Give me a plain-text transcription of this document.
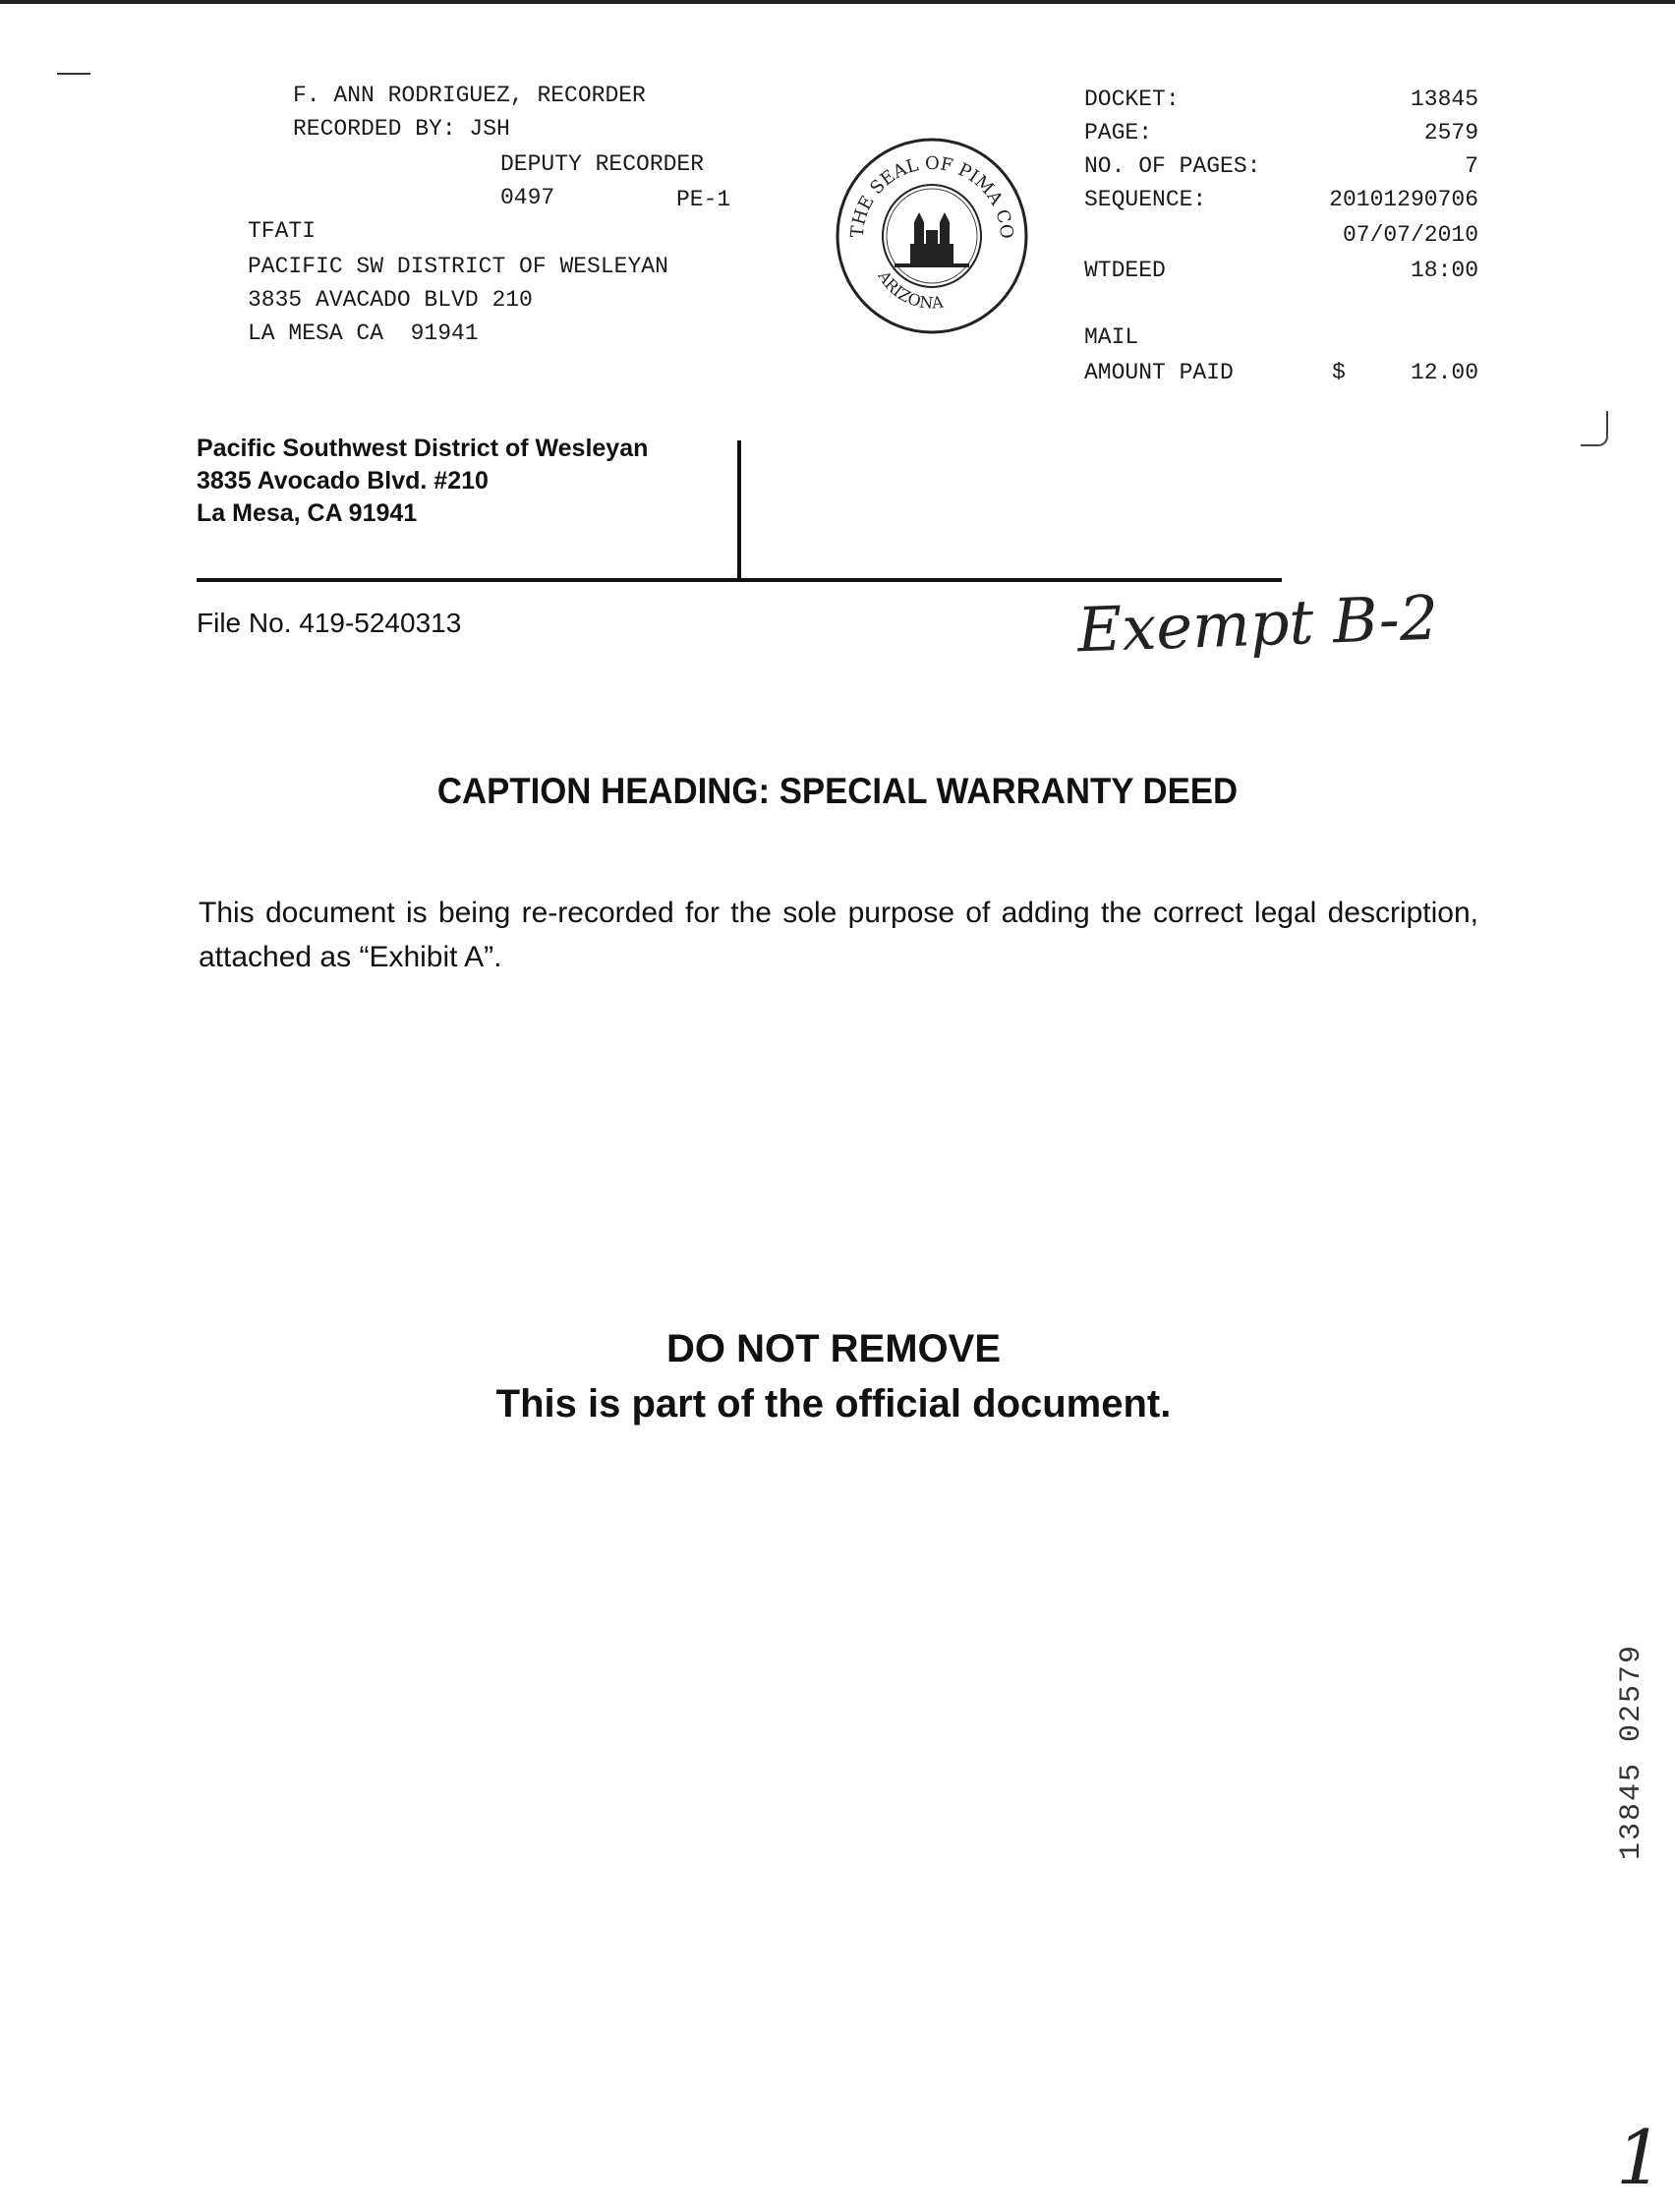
F. ANN RODRIGUEZ, RECORDER
RECORDED BY: JSH
DEPUTY RECORDER
0497	PE-1
TFATI
PACIFIC SW DISTRICT OF WESLEYAN
3835 AVACADO BLVD 210
LA MESA CA  91941
THE SEAL OF PIMA CO
ARIZONA
DOCKET:	13845
PAGE:	2579
NO. OF PAGES:	7
SEQUENCE:	20101290706
07/07/2010
WTDEED	18:00
MAIL
AMOUNT PAID	$	12.00
Pacific Southwest District of Wesleyan
3835 Avocado Blvd. #210
La Mesa, CA 91941
File No. 419-5240313	Exempt B-2
CAPTION HEADING: SPECIAL WARRANTY DEED
This document is being re-recorded for the sole purpose of adding the correct legal description, attached as “Exhibit A”.
DO NOT REMOVE
This is part of the official document.
13845 02579
1
